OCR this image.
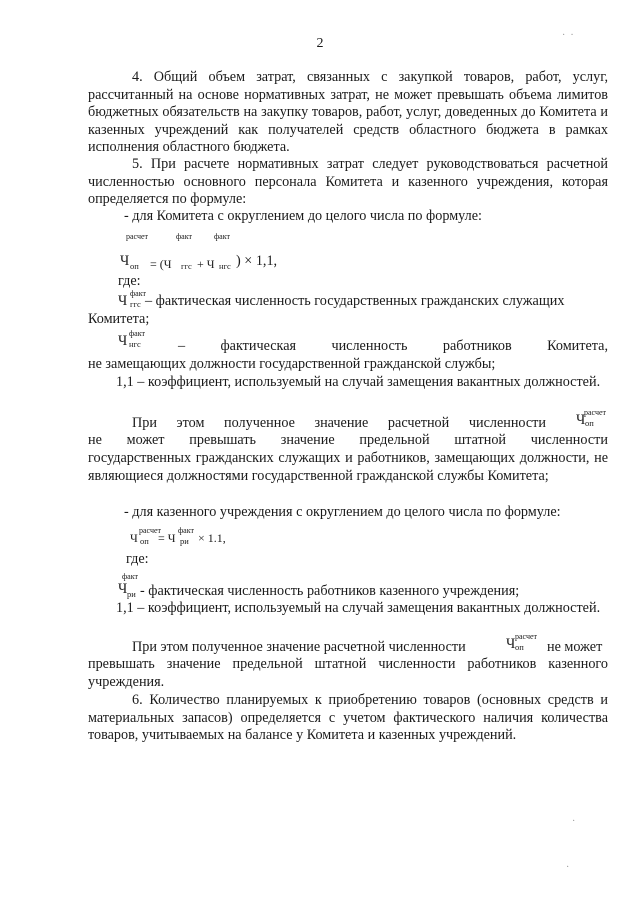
2
·  ·

4. Общий объем затрат, связанных с закупкой товаров, работ, услуг, рассчитанный на основе нормативных затрат, не может превышать объема лимитов бюджетных обязательств на закупку товаров, работ, услуг, доведенных до Комитета и казенных учреждений как получателей средств областного бюджета в рамках исполнения областного бюджета.

5. При расчете нормативных затрат следует руководствоваться расчетной численностью основного персонала Комитета и казенного учреждения, которая определяется по формуле:

- для Комитета с округлением до целого числа по формуле:

расчет
Ч оп = (Ч
факт
ггс + Ч
факт
нгс ) × 1,1,

где:

Ч факт
ггс – фактическая численность государственных гражданских служащих
Комитета;
Ч факт
нгс	– фактическая численность работников Комитета,
не замещающих должности государственной гражданской службы;

1,1 – коэффициент, используемый на случай замещения вакантных должностей.

При этом полученное значение расчетной численности Ч
расчет
оп
не может превышать значение предельной штатной численности

государственных гражданских служащих и работников, замещающих должности, не являющиеся должностями государственной гражданской службы Комитета;

- для казенного учреждения с округлением до целого числа по формуле:

Ч
расчет
оп = Ч
факт
ри × 1.1,

где:

факт
Ч ри - фактическая численность работников казенного учреждения;

1,1 – коэффициент, используемый на случай замещения вакантных должностей.

При этом полученное значение расчетной численности	Ч расчет
оп не может

превышать значение предельной штатной численности работников казенного учреждения.

6. Количество планируемых к приобретению товаров (основных средств и материальных запасов) определяется с учетом фактического наличия количества товаров, учитываемых на балансе у Комитета и казенных учреждений.

·
·
